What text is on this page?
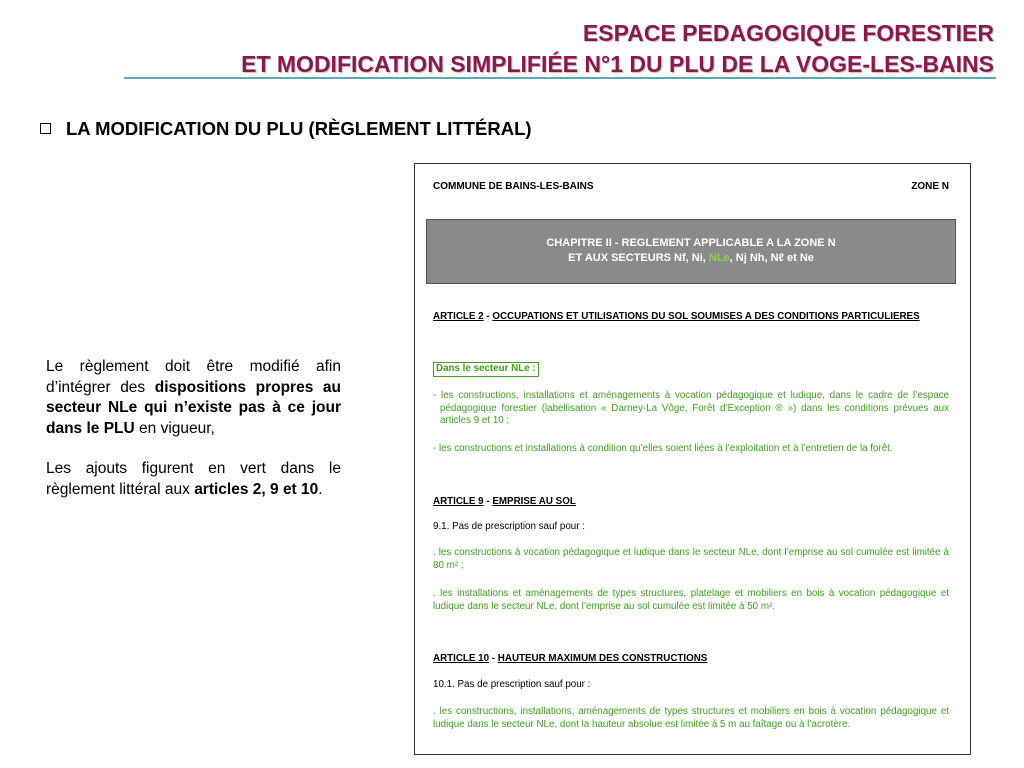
ESPACE PEDAGOGIQUE FORESTIER
ET MODIFICATION SIMPLIFIÉE N°1 DU PLU DE LA VOGE-LES-BAINS
LA MODIFICATION DU PLU (RÈGLEMENT LITTÉRAL)

Le règlement doit être modifié afin d’intégrer des dispositions propres au secteur NLe qui n’existe pas à ce jour dans le PLU en vigueur,

Les ajouts figurent en vert dans le règlement littéral aux articles 2, 9 et 10.

COMMUNE DE BAINS-LES-BAINS	ZONE N
CHAPITRE II - REGLEMENT APPLICABLE A LA ZONE N
ET AUX SECTEURS Nf, Ni, NLe, Nj Nh, Nℓ et Ne
ARTICLE 2 - OCCUPATIONS ET UTILISATIONS DU SOL SOUMISES A DES CONDITIONS PARTICULIERES
Dans le secteur NLe :
- les constructions, installations et aménagements à vocation pédagogique et ludique, dans le cadre de l’espace pédagogique forestier (labellisation « Darney-La Vôge, Forêt d’Exception ® ») dans les conditions prévues aux articles 9 et 10 ;
- les constructions et installations à condition qu’elles soient liées à l’exploitation et à l’entretien de la forêt.
ARTICLE 9 - EMPRISE AU SOL
9.1. Pas de prescription sauf pour :
. les constructions à vocation pédagogique et ludique dans le secteur NLe, dont l’emprise au sol cumulée est limitée à 80 m² ;
. les installations et aménagements de types structures, platelage et mobiliers en bois à vocation pédagogique et ludique dans le secteur NLe, dont l’emprise au sol cumulée est limitée à 50 m².
ARTICLE 10 - HAUTEUR MAXIMUM DES CONSTRUCTIONS
10.1. Pas de prescription sauf pour :
. les constructions, installations, aménagements de types structures et mobiliers en bois à vocation pédagogique et ludique dans le secteur NLe, dont la hauteur absolue est limitée à 5 m au faîtage ou à l’acrotère.
